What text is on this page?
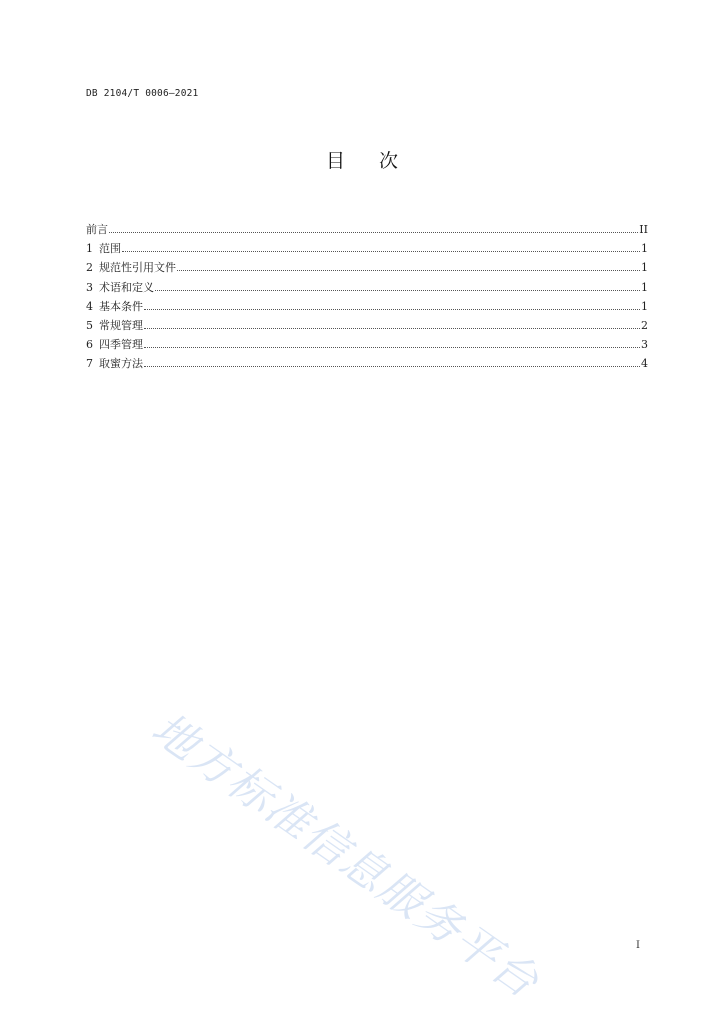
DB 2104/T 0006—2021
目 次
前言	II
1 范围	1
2 规范性引用文件	1
3 术语和定义	1
4 基本条件	1
5 常规管理	2
6 四季管理	3
7 取蜜方法	4
地方标准信息服务平台	I
